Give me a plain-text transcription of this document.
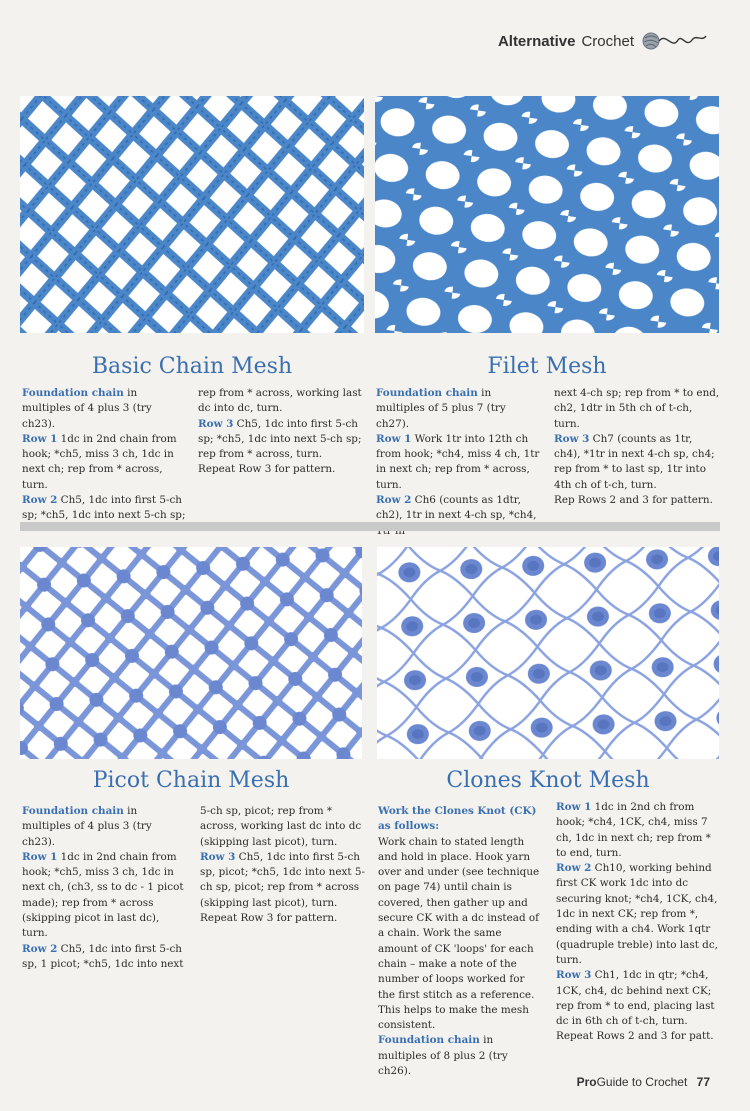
Alternative Crochet
Basic Chain Mesh	Filet Mesh

Foundation chain in multiples of 4 plus 3 (try ch23).

Row 1 1dc in 2nd chain from hook; *ch5, miss 3 ch, 1dc in next ch; rep from * across, turn.

Row 2 Ch5, 1dc into first 5-ch sp; *ch5, 1dc into next 5-ch sp;

rep from * across, working last dc into dc, turn.

Row 3 Ch5, 1dc into first 5-ch sp; *ch5, 1dc into next 5-ch sp; rep from * across, turn.

Repeat Row 3 for pattern.

Foundation chain in multiples of 5 plus 7 (try ch27).

Row 1 Work 1tr into 12th ch from hook; *ch4, miss 4 ch, 1tr in next ch; rep from * across, turn.

Row 2 Ch6 (counts as 1dtr, ch2), 1tr in next 4-ch sp, *ch4,

next 4-ch sp; rep from * to end, ch2, 1dtr in 5th ch of t-ch, turn.

Row 3 Ch7 (counts as 1tr, ch4), *1tr in next 4-ch sp, ch4; rep from * to last sp, 1tr into 4th ch of t-ch, turn.

Rep Rows 2 and 3 for pattern.

Picot Chain Mesh	Clones Knot Mesh

Foundation chain in multiples of 4 plus 3 (try ch23).

Row 1 1dc in 2nd chain from hook; *ch5, miss 3 ch, 1dc in next ch, (ch3, ss to dc - 1 picot made); rep from * across (skipping picot in last dc), turn.

Row 2 Ch5, 1dc into first 5-ch sp, 1 picot; *ch5, 1dc into next

5-ch sp, picot; rep from * across, working last dc into dc (skipping last picot), turn.

Row 3 Ch5, 1dc into first 5-ch sp, picot; *ch5, 1dc into next 5-ch sp, picot; rep from * across (skipping last picot), turn.

Repeat Row 3 for pattern.

Work the Clones Knot (CK) as follows:

Work chain to stated length and hold in place. Hook yarn over and under (see technique on page 74) until chain is covered, then gather up and secure CK with a dc instead of a chain. Work the same amount of CK 'loops' for each chain – make a note of the number of loops worked for the first stitch as a reference. This helps to make the mesh consistent.

Foundation chain in multiples of 8 plus 2 (try ch26).

Row 1 1dc in 2nd ch from hook; *ch4, 1CK, ch4, miss 7 ch, 1dc in next ch; rep from * to end, turn.

Row 2 Ch10, working behind first CK work 1dc into dc securing knot; *ch4, 1CK, ch4, 1dc in next CK; rep from *, ending with a ch4. Work 1qtr (quadruple treble) into last dc, turn.

Row 3 Ch1, 1dc in qtr; *ch4, 1CK, ch4, dc behind next CK; rep from * to end, placing last dc in 6th ch of t-ch, turn.

Repeat Rows 2 and 3 for patt.

ProGuide to Crochet 77
